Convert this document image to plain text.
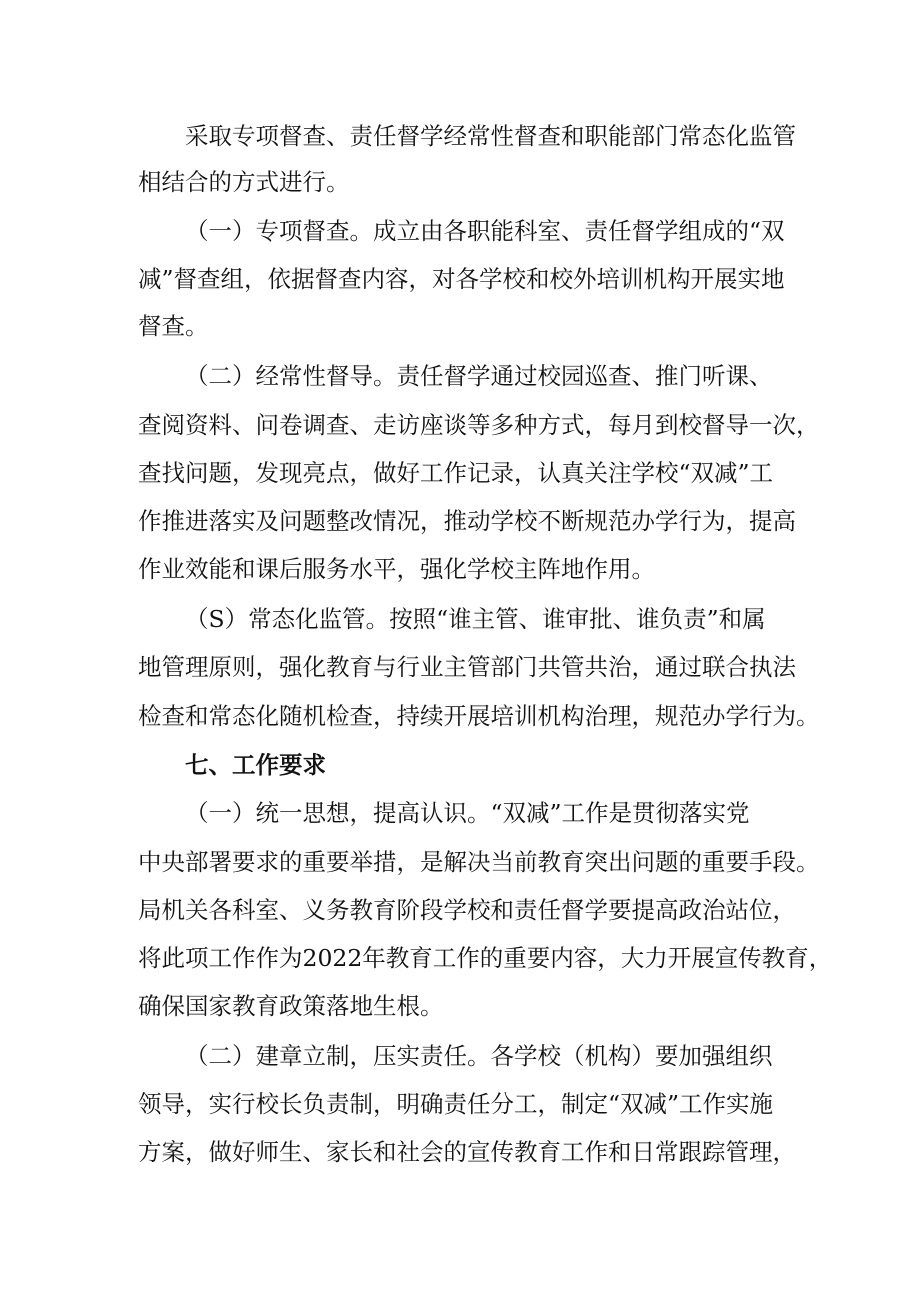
采取专项督查、责任督学经常性督查和职能部门常态化监管
相结合的方式进行。
（一）专项督查。成立由各职能科室、责任督学组成的“双
减”督查组，依据督查内容，对各学校和校外培训机构开展实地
督查。
（二）经常性督导。责任督学通过校园巡查、推门听课、
查阅资料、问卷调查、走访座谈等多种方式，每月到校督导一次，
查找问题，发现亮点，做好工作记录，认真关注学校“双减”工
作推进落实及问题整改情况，推动学校不断规范办学行为，提高
作业效能和课后服务水平，强化学校主阵地作用。
（S）常态化监管。按照“谁主管、谁审批、谁负责”和属
地管理原则，强化教育与行业主管部门共管共治，通过联合执法
检查和常态化随机检查，持续开展培训机构治理，规范办学行为。
七、工作要求
（一）统一思想，提高认识。“双减”工作是贯彻落实党
中央部署要求的重要举措，是解决当前教育突出问题的重要手段。
局机关各科室、义务教育阶段学校和责任督学要提高政治站位，
将此项工作作为2022年教育工作的重要内容，大力开展宣传教育，
确保国家教育政策落地生根。
（二）建章立制，压实责任。各学校（机构）要加强组织
领导，实行校长负责制，明确责任分工，制定“双减”工作实施
方案，做好师生、家长和社会的宣传教育工作和日常跟踪管理，
